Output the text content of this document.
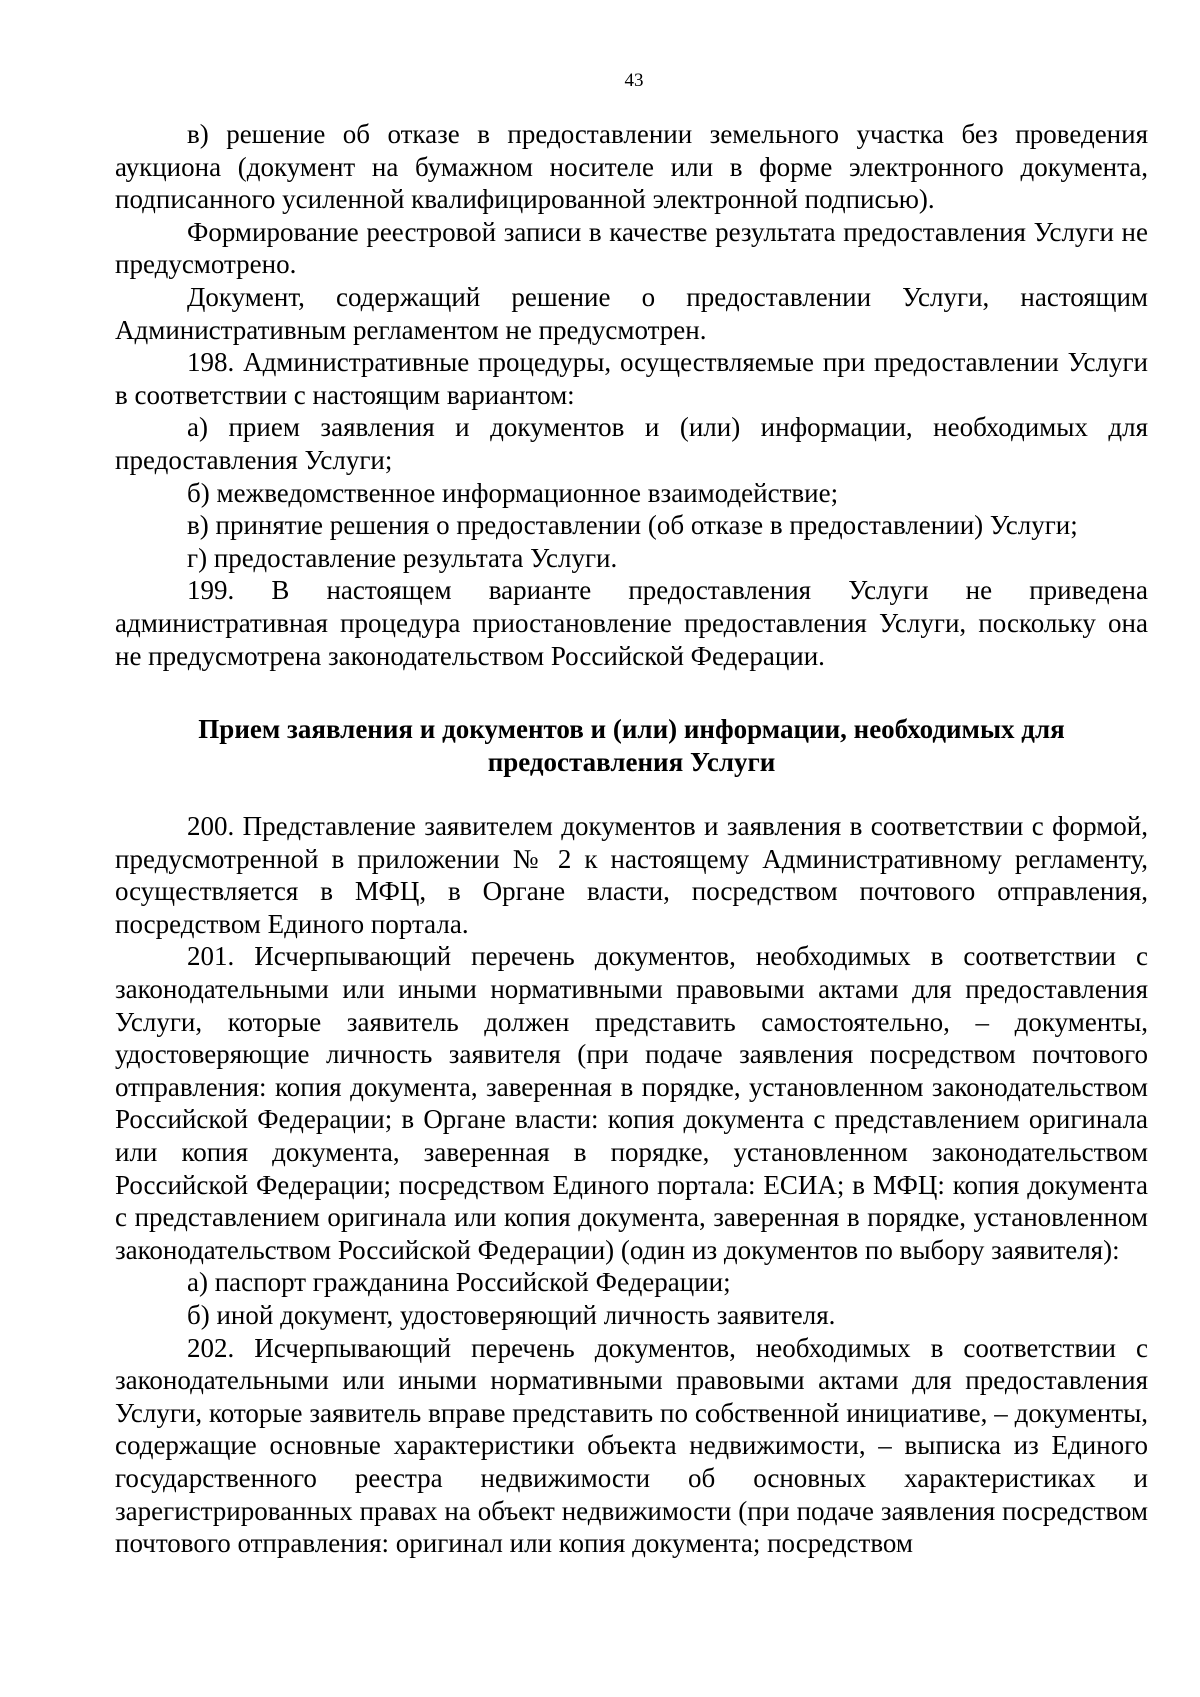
43

в) решение об отказе в предоставлении земельного участка без проведения аукциона (документ на бумажном носителе или в форме электронного документа, подписанного усиленной квалифицированной электронной подписью).

Формирование реестровой записи в качестве результата предоставления Услуги не предусмотрено.

Документ, содержащий решение о предоставлении Услуги, настоящим Административным регламентом не предусмотрен.

198. Административные процедуры, осуществляемые при предоставлении Услуги в соответствии с настоящим вариантом:

а) прием заявления и документов и (или) информации, необходимых для предоставления Услуги;

б) межведомственное информационное взаимодействие;

в) принятие решения о предоставлении (об отказе в предоставлении) Услуги;

г) предоставление результата Услуги.

199. В настоящем варианте предоставления Услуги не приведена административная процедура приостановление предоставления Услуги, поскольку она не предусмотрена законодательством Российской Федерации.

Прием заявления и документов и (или) информации, необходимых для предоставления Услуги

200. Представление заявителем документов и заявления в соответствии с формой, предусмотренной в приложении № 2 к настоящему Административному регламенту, осуществляется в МФЦ, в Органе власти, посредством почтового отправления, посредством Единого портала.

201. Исчерпывающий перечень документов, необходимых в соответствии с законодательными или иными нормативными правовыми актами для предоставления Услуги, которые заявитель должен представить самостоятельно, – документы, удостоверяющие личность заявителя (при подаче заявления посредством почтового отправления: копия документа, заверенная в порядке, установленном законодательством Российской Федерации; в Органе власти: копия документа с представлением оригинала или копия документа, заверенная в порядке, установленном законодательством Российской Федерации; посредством Единого портала: ЕСИА; в МФЦ: копия документа с представлением оригинала или копия документа, заверенная в порядке, установленном законодательством Российской Федерации) (один из документов по выбору заявителя):

а) паспорт гражданина Российской Федерации;

б) иной документ, удостоверяющий личность заявителя.

202. Исчерпывающий перечень документов, необходимых в соответствии с законодательными или иными нормативными правовыми актами для предоставления Услуги, которые заявитель вправе представить по собственной инициативе, – документы, содержащие основные характеристики объекта недвижимости, – выписка из Единого государственного реестра недвижимости об основных характеристиках и зарегистрированных правах на объект недвижимости (при подаче заявления посредством почтового отправления: оригинал или копия документа; посредством
